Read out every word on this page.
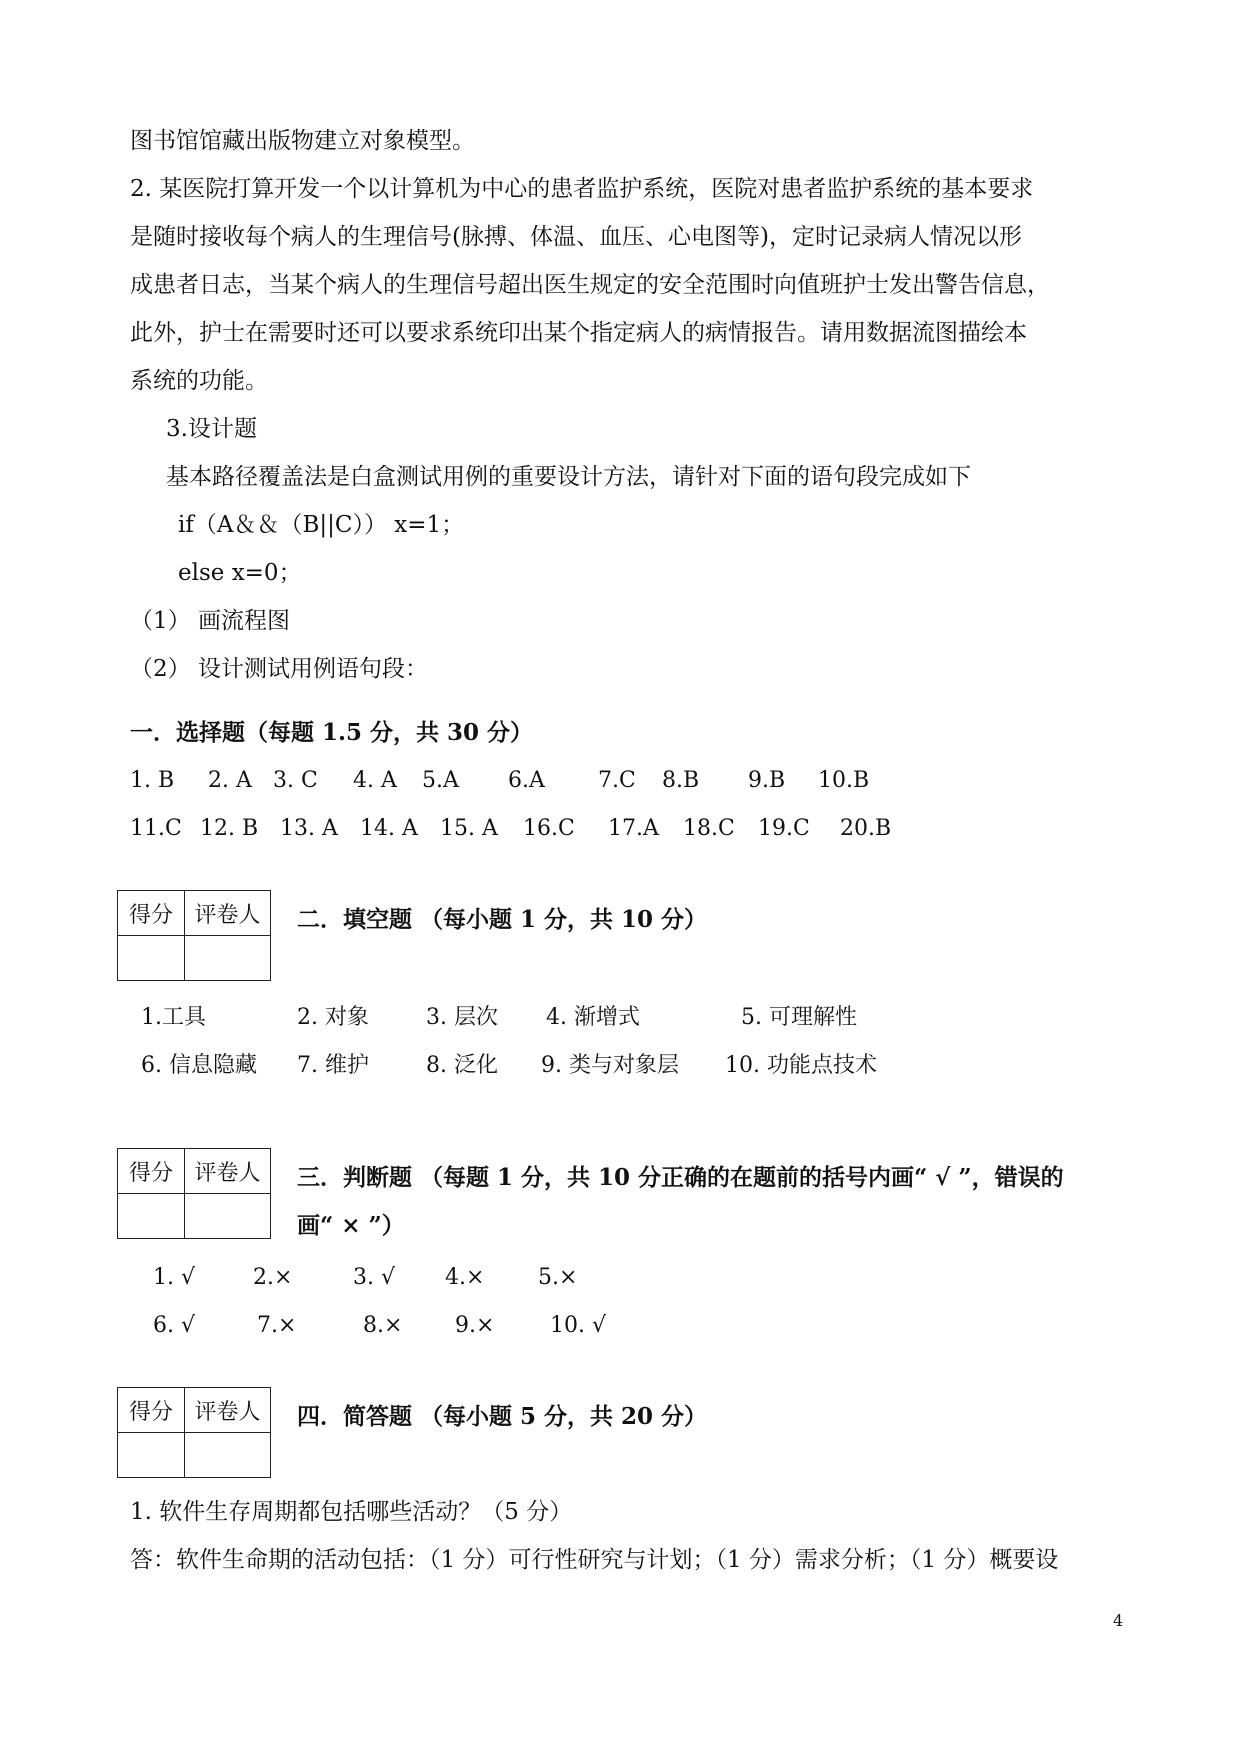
图书馆馆藏出版物建立对象模型。
2. 某医院打算开发一个以计算机为中心的患者监护系统，医院对患者监护系统的基本要求
是随时接收每个病人的生理信号(脉搏、体温、血压、心电图等)，定时记录病人情况以形
成患者日志，当某个病人的生理信号超出医生规定的安全范围时向值班护士发出警告信息，
此外，护士在需要时还可以要求系统印出某个指定病人的病情报告。请用数据流图描绘本
系统的功能。
3.设计题
基本路径覆盖法是白盒测试用例的重要设计方法，请针对下面的语句段完成如下
if（A＆＆（B||C）） x=1；
else x=0；
（1） 画流程图
（2） 设计测试用例语句段：
一．选择题（每题 1.5 分，共 30 分）
1. B 2. A 3. C 4. A 5.A 6.A 7.C 8.B 9.B 10.B
11.C 12. B 13. A 14. A 15. A 16.C 17.A 18.C 19.C 20.B
得分	评卷人
	二．填空题 （每小题 1 分，共 10 分）
1.工具	2. 对象	3. 层次 4. 渐增式	5. 可理解性
6. 信息隐藏 7. 维护	8. 泛化 9. 类与对象层 10. 功能点技术
得分	评卷人
	三．判断题 （每题 1 分，共 10 分正确的在题前的括号内画“ √ ”，错误的
画“ × ”）
1. √	2.×	3. √ 4.× 5.×
6. √	7.×	8.× 9.×	10. √
得分	评卷人
	四．简答题 （每小题 5 分，共 20 分）
1. 软件生存周期都包括哪些活动？（5 分）
答：软件生命期的活动包括：（1 分）可行性研究与计划；（1 分）需求分析；（1 分）概要设
4
